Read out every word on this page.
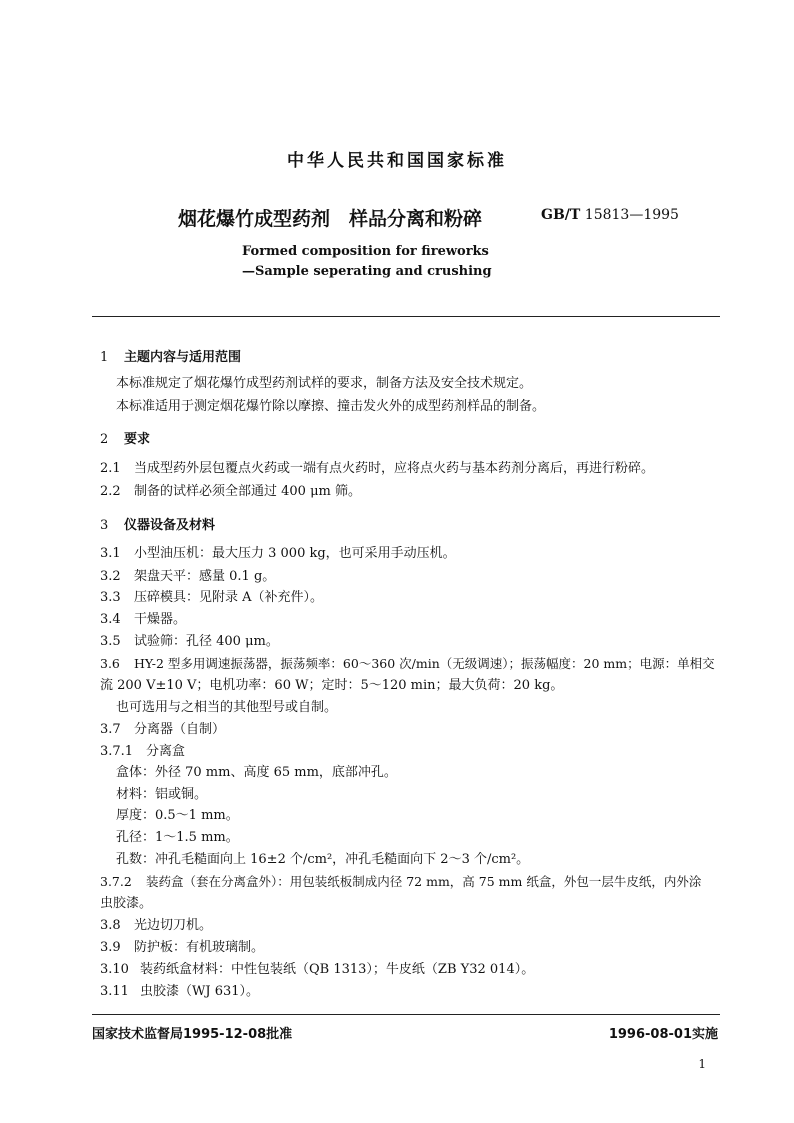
中华人民共和国国家标准
烟花爆竹成型药剂　样品分离和粉碎	GB/T 15813—1995
Formed composition for fireworks
—Sample seperating and crushing
1 主题内容与适用范围
本标准规定了烟花爆竹成型药剂试样的要求，制备方法及安全技术规定。
本标准适用于测定烟花爆竹除以摩擦、撞击发火外的成型药剂样品的制备。
2 要求
2.1 当成型药外层包覆点火药或一端有点火药时，应将点火药与基本药剂分离后，再进行粉碎。
2.2 制备的试样必须全部通过 400 μm 筛。
3 仪器设备及材料
3.1 小型油压机：最大压力 3 000 kg，也可采用手动压机。
3.2 架盘天平：感量 0.1 g。
3.3 压碎模具：见附录 A（补充件）。
3.4 干燥器。
3.5 试验筛：孔径 400 μm。
3.6 HY-2 型多用调速振荡器，振荡频率：60～360 次/min（无级调速）；振荡幅度：20 mm；电源：单相交
流 200 V±10 V；电机功率：60 W；定时：5～120 min；最大负荷：20 kg。
也可选用与之相当的其他型号或自制。
3.7 分离器（自制）
3.7.1 分离盒
盒体：外径 70 mm、高度 65 mm，底部冲孔。
材料：铝或铜。
厚度：0.5～1 mm。
孔径：1～1.5 mm。
孔数：冲孔毛糙面向上 16±2 个/cm²，冲孔毛糙面向下 2～3 个/cm²。
3.7.2 装药盒（套在分离盒外）：用包装纸板制成内径 72 mm，高 75 mm 纸盒，外包一层牛皮纸，内外涂
虫胶漆。
3.8 光边切刀机。
3.9 防护板：有机玻璃制。
3.10 装药纸盒材料：中性包装纸（QB 1313）；牛皮纸（ZB Y32 014）。
3.11 虫胶漆（WJ 631）。
国家技术监督局1995-12-08批准	1996-08-01实施
1
